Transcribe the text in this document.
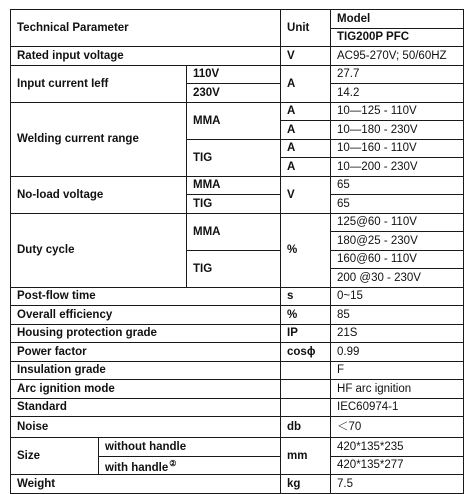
Technical Parameter			Unit	Model
				TIG200P PFC
Rated input voltage			V	AC95-270V; 50/60HZ
Input current Ieff		110V	A	27.7
		230V		14.2
Welding current range		MMA	A	10—125 - 110V
			A	10—180 - 230V
		TIG	A	10—160 - 110V
			A	10—200 - 230V
No-load voltage		MMA	V	65
		TIG		65
Duty cycle		MMA	%	125@60 - 110V
				180@25 - 230V
		TIG		160@60 - 110V
				200 @30 - 230V
Post-flow time			s	0~15
Overall efficiency			%	85
Housing protection grade			IP	21S
Power factor			cosϕ	0.99
Insulation grade				F
Arc ignition mode				HF arc ignition
Standard				IEC60974-1
Noise			db	＜70
Size	without handle		mm	420*135*235
	with handle②			420*135*277
Weight			kg	7.5
